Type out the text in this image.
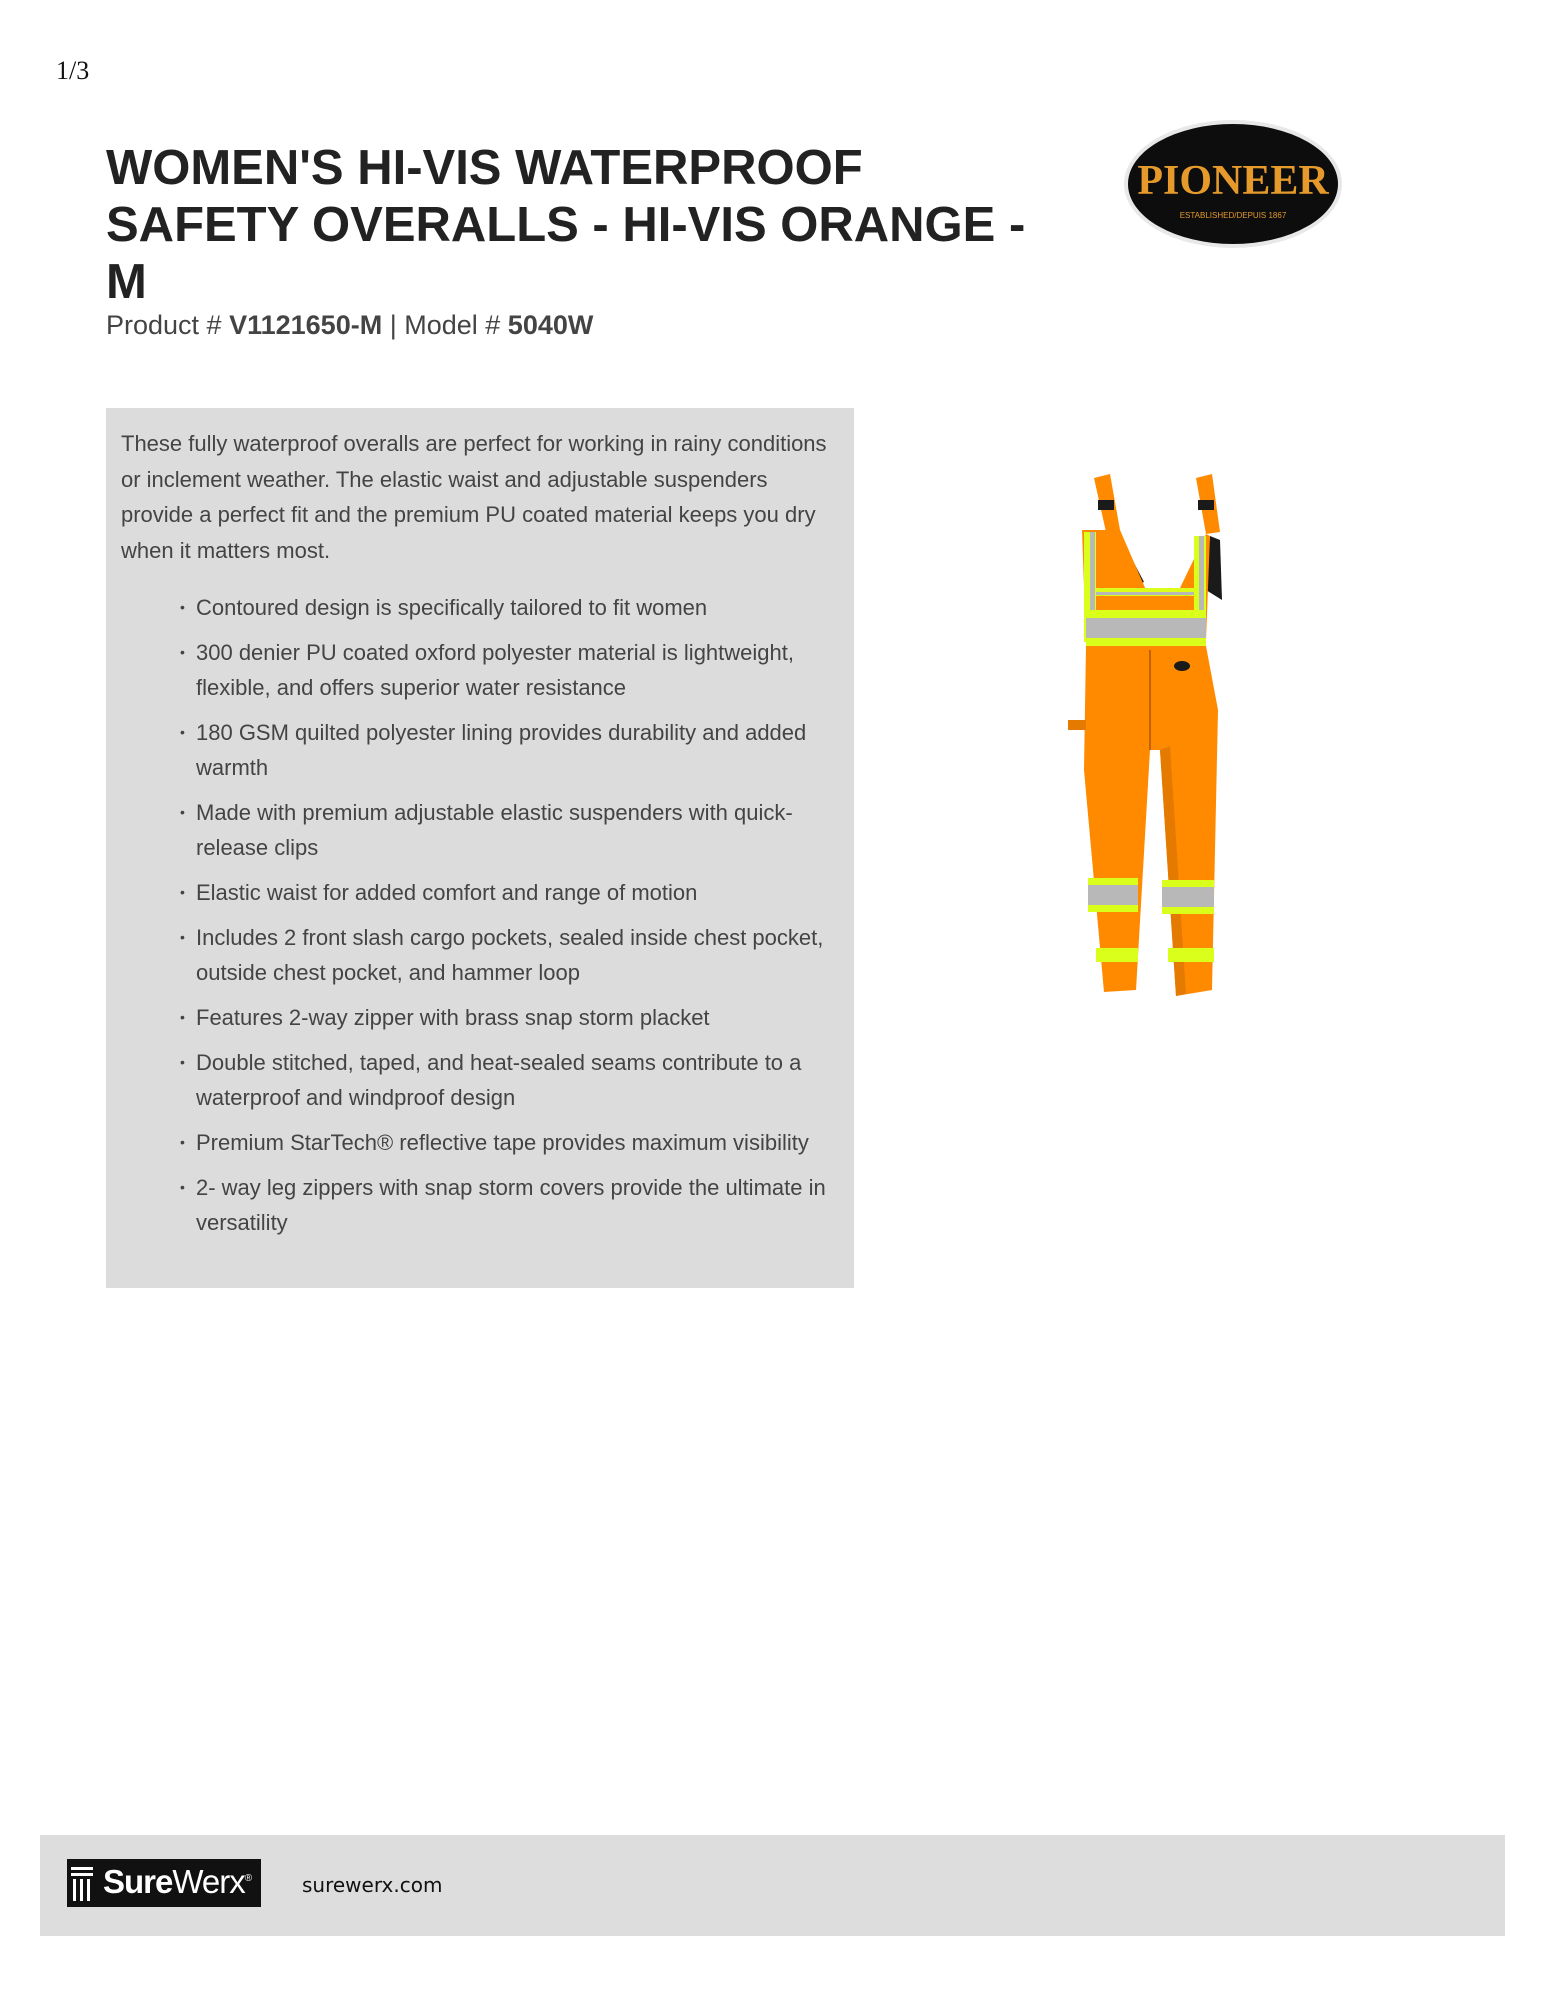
1/3
WOMEN'S HI-VIS WATERPROOF SAFETY OVERALLS - HI-VIS ORANGE - M
Product # V1121650-M | Model # 5040W
PIONEER
ESTABLISHED/DEPUIS 1867

These fully waterproof overalls are perfect for working in rainy conditions or inclement weather. The elastic waist and adjustable suspenders provide a perfect fit and the premium PU coated material keeps you dry when it matters most.

• Contoured design is specifically tailored to fit women
• 300 denier PU coated oxford polyester material is lightweight, flexible, and offers superior water resistance
• 180 GSM quilted polyester lining provides durability and added warmth
• Made with premium adjustable elastic suspenders with quick-release clips
• Elastic waist for added comfort and range of motion
• Includes 2 front slash cargo pockets, sealed inside chest pocket, outside chest pocket, and hammer loop
• Features 2-way zipper with brass snap storm placket
• Double stitched, taped, and heat-sealed seams contribute to a waterproof and windproof design
• Premium StarTech® reflective tape provides maximum visibility
• 2- way leg zippers with snap storm covers provide the ultimate in versatility
SureWerx®	surewerx.com
